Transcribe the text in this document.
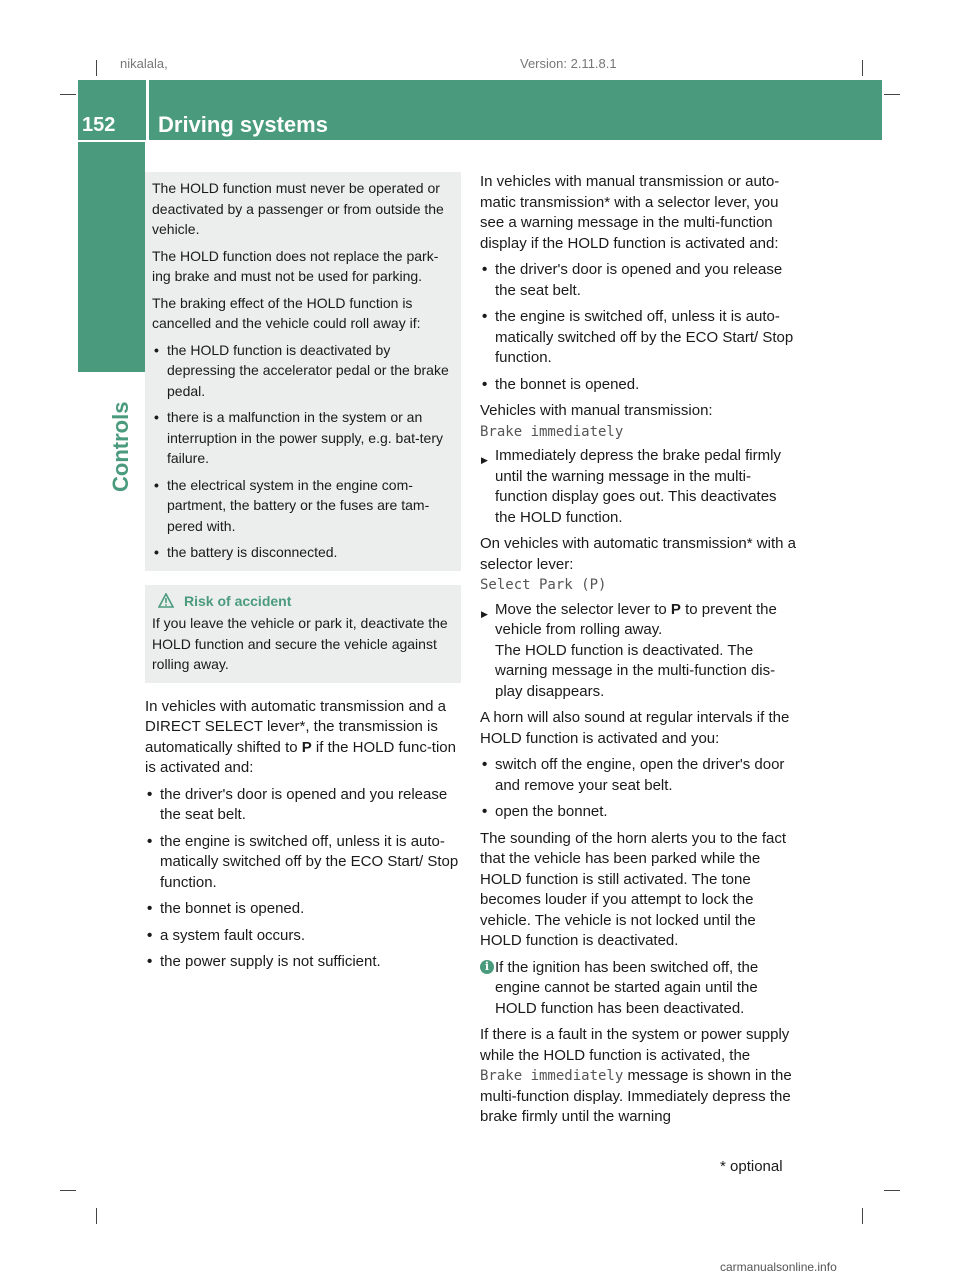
nikalala,	Version: 2.11.8.1
152 Driving systems
Controls

The HOLD function must never be operated or deactivated by a passenger or from outside the vehicle.

The HOLD function does not replace the park-ing brake and must not be used for parking.

The braking effect of the HOLD function is cancelled and the vehicle could roll away if:

• the HOLD function is deactivated by depressing the accelerator pedal or the brake pedal.
• there is a malfunction in the system or an interruption in the power supply, e.g. bat-tery failure.
• the electrical system in the engine com-partment, the battery or the fuses are tam-pered with.
• the battery is disconnected.
Risk of accident

If you leave the vehicle or park it, deactivate the HOLD function and secure the vehicle against rolling away.

In vehicles with automatic transmission and a DIRECT SELECT lever*, the transmission is automatically shifted to P if the HOLD func-tion is activated and:

• the driver's door is opened and you release the seat belt.
• the engine is switched off, unless it is auto-matically switched off by the ECO Start/ Stop function.
• the bonnet is opened.
• a system fault occurs.
• the power supply is not sufficient.

In vehicles with manual transmission or auto-matic transmission* with a selector lever, you see a warning message in the multi-function display if the HOLD function is activated and:

• the driver's door is opened and you release the seat belt.
• the engine is switched off, unless it is auto-matically switched off by the ECO Start/ Stop function.
• the bonnet is opened.

Vehicles with manual transmission:

Brake immediately

▶ Immediately depress the brake pedal firmly until the warning message in the multi-function display goes out. This deactivates the HOLD function.

On vehicles with automatic transmission* with a selector lever:

Select Park (P)

▶ Move the selector lever to P to prevent the vehicle from rolling away.

The HOLD function is deactivated. The warning message in the multi-function dis-play disappears.

A horn will also sound at regular intervals if the HOLD function is activated and you:

• switch off the engine, open the driver's door and remove your seat belt.
• open the bonnet.

The sounding of the horn alerts you to the fact that the vehicle has been parked while the HOLD function is still activated. The tone becomes louder if you attempt to lock the vehicle. The vehicle is not locked until the HOLD function is deactivated.

i If the ignition has been switched off, the engine cannot be started again until the HOLD function has been deactivated.

If there is a fault in the system or power supply while the HOLD function is activated, the Brake immediately message is shown in the multi-function display. Immediately depress the brake firmly until the warning

* optional
carmanualsonline.info
